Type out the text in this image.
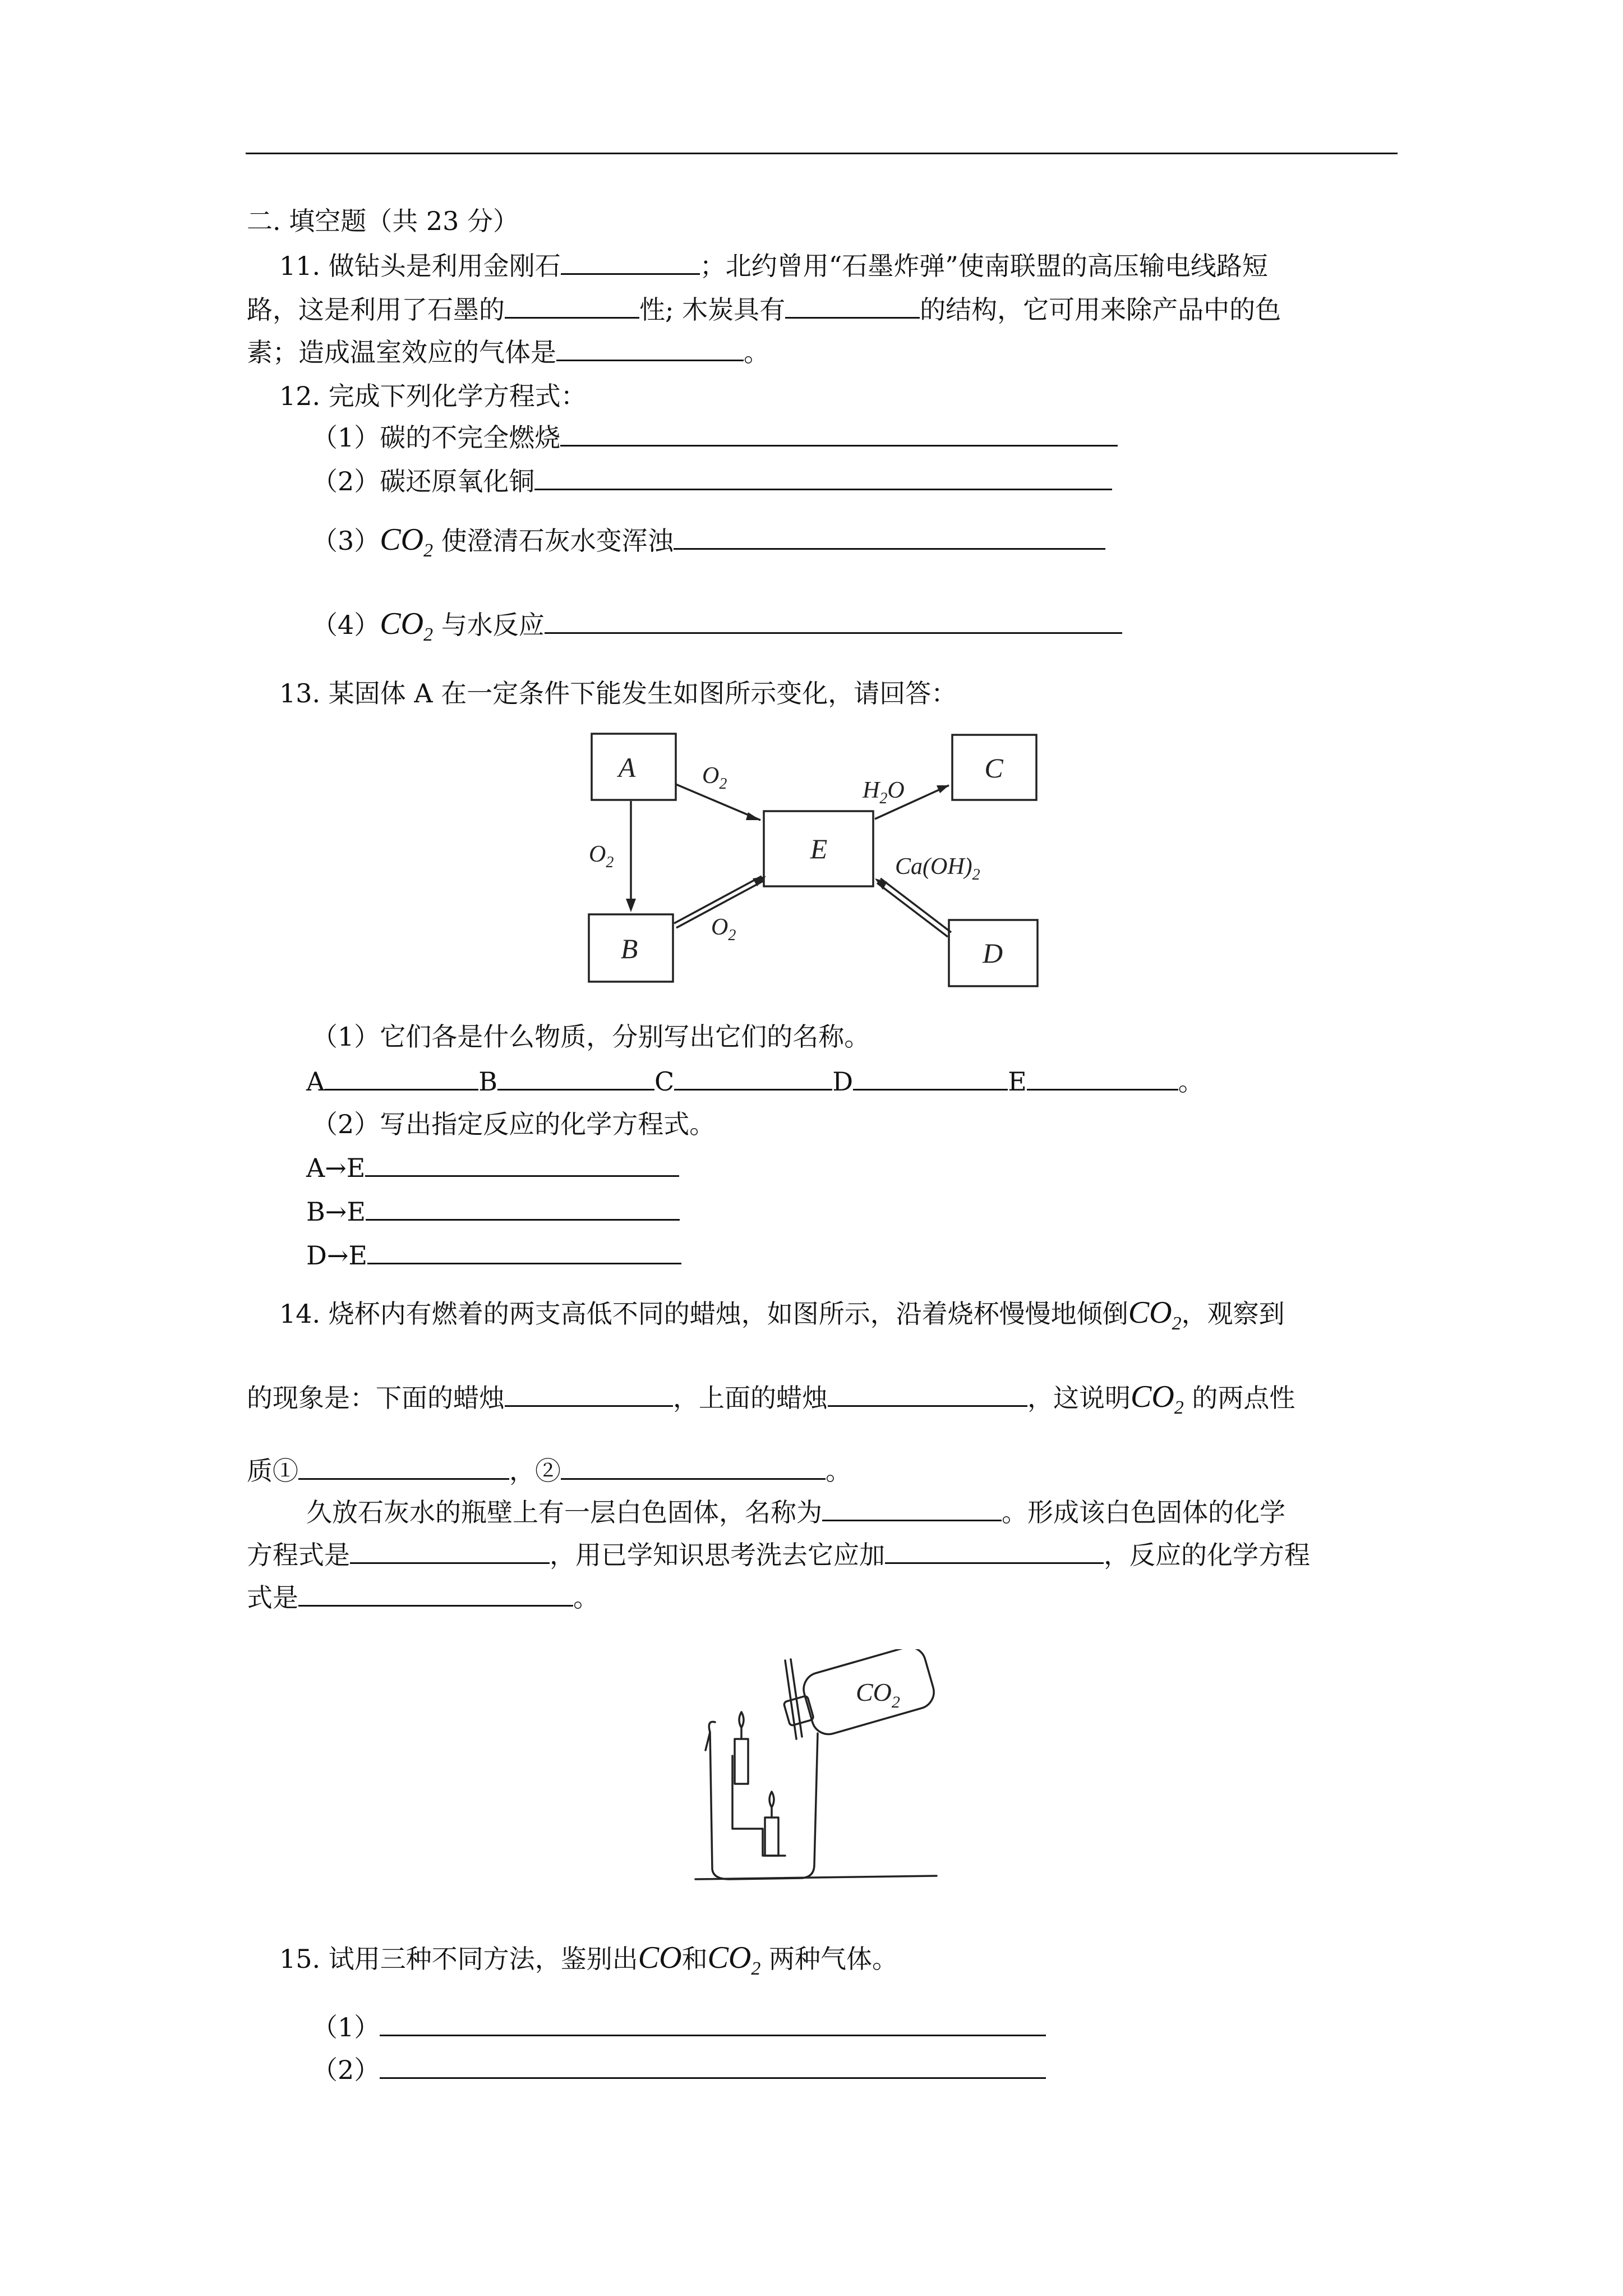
二. 填空题（共 23 分）
11. 做钻头是利用金刚石	；北约曾用“石墨炸弹”使南联盟的高压输电线路短
路，这是利用了石墨的	性; 木炭具有	的结构，它可用来除产品中的色
素；造成温室效应的气体是	。
12. 完成下列化学方程式：
（1）碳的不完全燃烧
（2）碳还原氧化铜
$(3)CO_2$ 使澄清石灰水变浑浊
$(4)CO_2$ 与水反应
13. 某固体 A 在一定条件下能发生如图所示变化，请回答：
A
E
C
B	D
$O_2$	$H_2O$
$O_2$
$O_2$
$Ca(OH)_2$
（1）它们各是什么物质，分别写出它们的名称。
A	B	C	D	E	。
（2）写出指定反应的化学方程式。
A→E
B→E
D→E
14. 烧杯内有燃着的两支高低不同的蜡烛，如图所示，沿着烧杯慢慢地倾倒$CO_2$，观察到
的现象是：下面的蜡烛	，上面的蜡烛	，这说明$CO_2$ 的两点性
质①	，②	。
久放石灰水的瓶壁上有一层白色固体，名称为	。形成该白色固体的化学
方程式是	，用已学知识思考洗去它应加	，反应的化学方程
式是	。
$CO_2$
15. 试用三种不同方法，鉴别出CO和$CO_2$ 两种气体。
（1）
（2）
